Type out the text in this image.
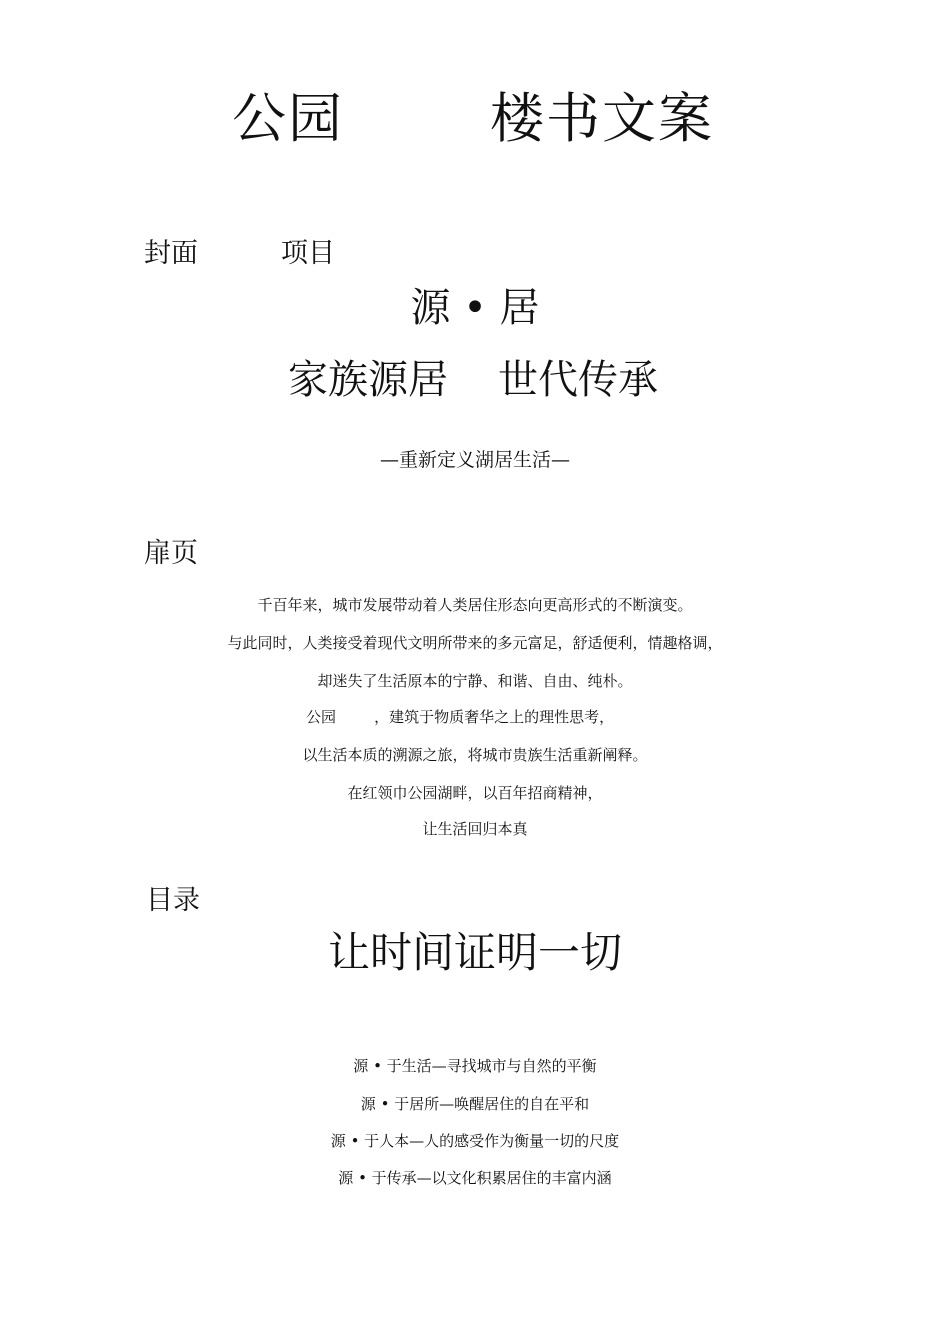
公园	楼书文案
封面	项目
源 • 居
家族源居 世代传承
—重新定义湖居生活—
扉页
千百年来，城市发展带动着人类居住形态向更高形式的不断演变。
与此同时，人类接受着现代文明所带来的多元富足，舒适便利，情趣格调，
却迷失了生活原本的宁静、和谐、自由、纯朴。
公园        ，建筑于物质奢华之上的理性思考，
以生活本质的溯源之旅，将城市贵族生活重新阐释。
在红领巾公园湖畔，以百年招商精神，
让生活回归本真
目录
让时间证明一切
源 • 于生活—寻找城市与自然的平衡
源 • 于居所—唤醒居住的自在平和
源 • 于人本—人的感受作为衡量一切的尺度
源 • 于传承—以文化积累居住的丰富内涵
